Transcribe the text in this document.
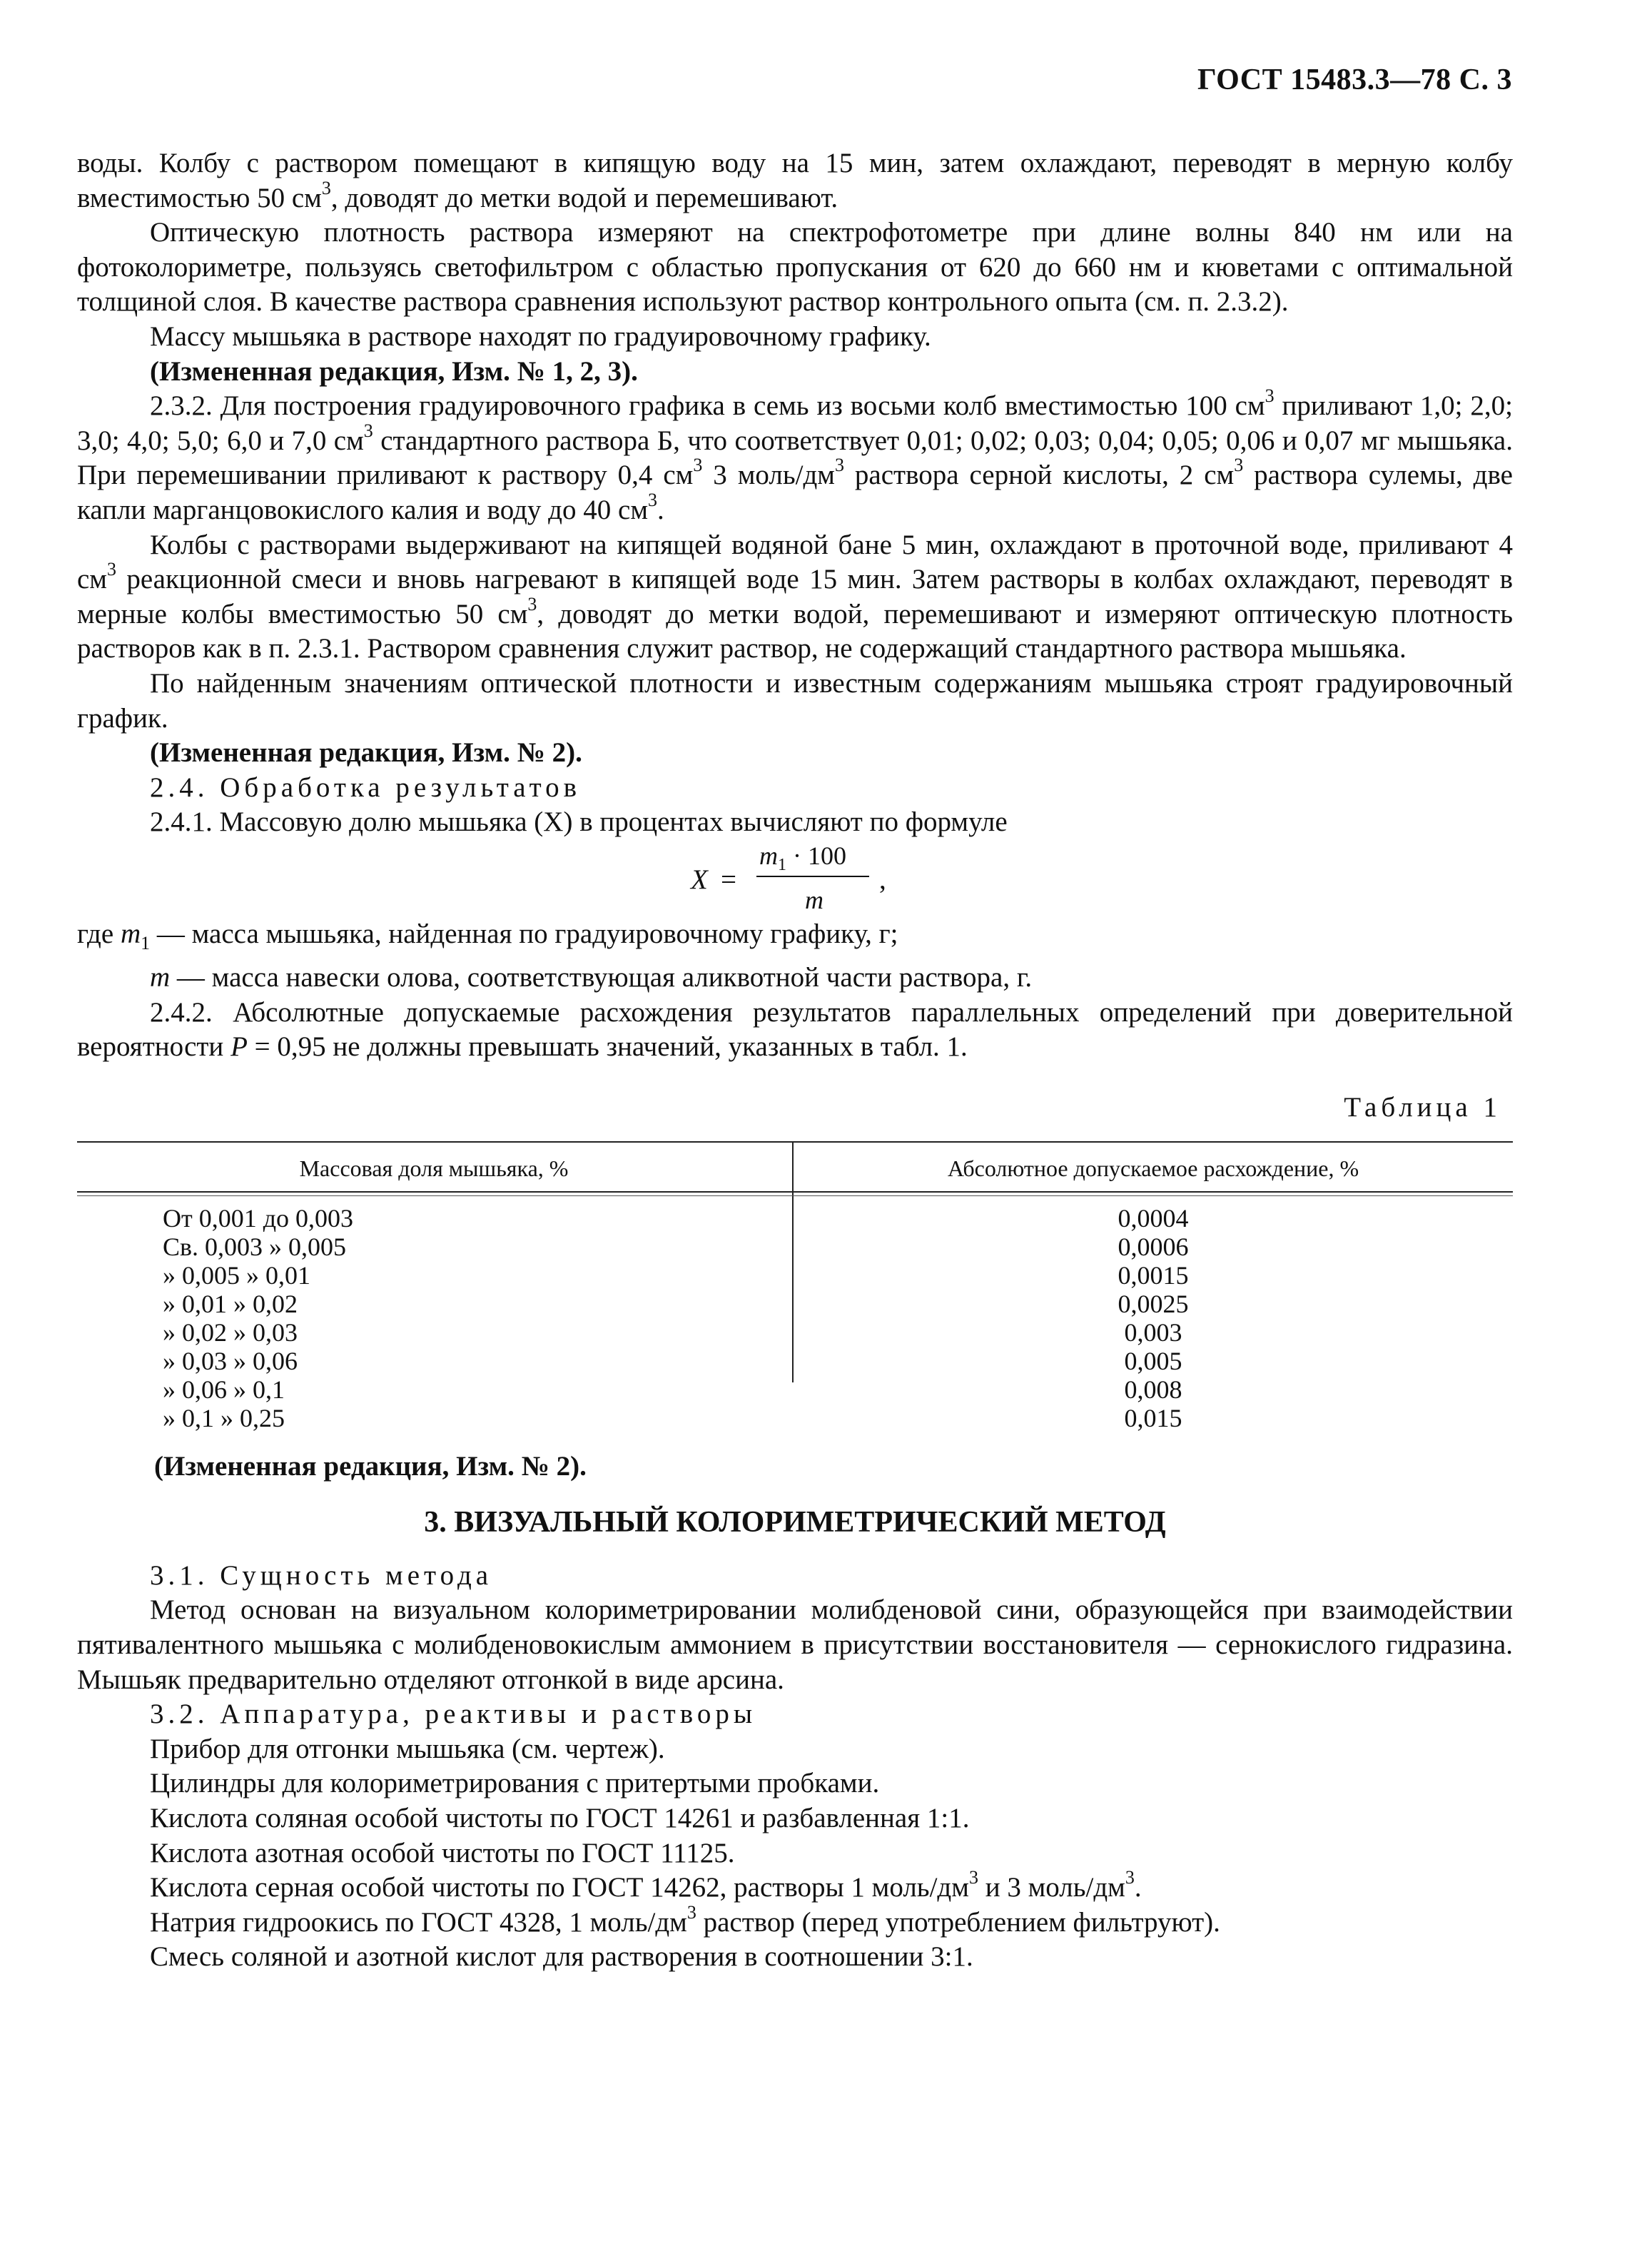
ГОСТ 15483.3—78 С. 3

воды. Колбу с раствором помещают в кипящую воду на 15 мин, затем охлаждают, переводят в мерную колбу вместимостью 50 $см^3$, доводят до метки водой и перемешивают.

Оптическую плотность раствора измеряют на спектрофотометре при длине волны 840 нм или на фотоколориметре, пользуясь светофильтром с областью пропускания от 620 до 660 нм и кюветами с оптимальной толщиной слоя. В качестве раствора сравнения используют раствор контрольного опыта (см. п. 2.3.2).

Массу мышьяка в растворе находят по градуировочному графику.

(Измененная редакция, Изм. № 1, 2, 3).

2.3.2. Для построения градуировочного графика в семь из восьми колб вместимостью 100 $см^3$ приливают 1,0; 2,0; 3,0; 4,0; 5,0; 6,0 и 7,0 $см^3$ стандартного раствора Б, что соответствует 0,01; 0,02; 0,03; 0,04; 0,05; 0,06 и 0,07 мг мышьяка. При перемешивании приливают к раствору 0,4 $см^3$ 3 моль/$дм^3$ раствора серной кислоты, 2 $см^3$ раствора сулемы, две капли марганцовокислого калия и воду до 40 $см^3$.

Колбы с растворами выдерживают на кипящей водяной бане 5 мин, охлаждают в проточной воде, приливают 4 $см^3$ реакционной смеси и вновь нагревают в кипящей воде 15 мин. Затем растворы в колбах охлаждают, переводят в мерные колбы вместимостью 50 $см^3$, доводят до метки водой, перемешивают и измеряют оптическую плотность растворов как в п. 2.3.1. Раствором сравнения служит раствор, не содержащий стандартного раствора мышьяка.

По найденным значениям оптической плотности и известным содержаниям мышьяка строят градуировочный график.

(Измененная редакция, Изм. № 2).

2.4. Обработка результатов

2.4.1. Массовую долю мышьяка (X) в процентах вычисляют по формуле

X =
$m_1 \cdot 100$
m
,

где $m_1$ — масса мышьяка, найденная по градуировочному графику, г;

m — масса навески олова, соответствующая аликвотной части раствора, г.

2.4.2. Абсолютные допускаемые расхождения результатов параллельных определений при доверительной вероятности P = 0,95 не должны превышать значений, указанных в табл. 1.

Таблица 1
Массовая доля мышьяка, %	Абсолютное допускаемое расхождение, %
От 0,001 до 0,003	0,0004
Св. 0,003 » 0,005	0,0006
» 0,005 » 0,01	0,0015
» 0,01 » 0,02	0,0025
» 0,02 » 0,03	0,003
» 0,03 » 0,06	0,005
» 0,06 » 0,1	0,008
» 0,1 » 0,25	0,015

(Измененная редакция, Изм. № 2).

3. ВИЗУАЛЬНЫЙ КОЛОРИМЕТРИЧЕСКИЙ МЕТОД

3.1. Сущность метода

Метод основан на визуальном колориметрировании молибденовой сини, образующейся при взаимодействии пятивалентного мышьяка с молибденовокислым аммонием в присутствии восстановителя — сернокислого гидразина. Мышьяк предварительно отделяют отгонкой в виде арсина.

3.2. Аппаратура, реактивы и растворы

Прибор для отгонки мышьяка (см. чертеж).

Цилиндры для колориметрирования с притертыми пробками.

Кислота соляная особой чистоты по ГОСТ 14261 и разбавленная 1:1.

Кислота азотная особой чистоты по ГОСТ 11125.

Кислота серная особой чистоты по ГОСТ 14262, растворы 1 моль/$дм^3$ и 3 моль/$дм^3$.

Натрия гидроокись по ГОСТ 4328, 1 моль/$дм^3$ раствор (перед употреблением фильтруют).

Смесь соляной и азотной кислот для растворения в соотношении 3:1.
